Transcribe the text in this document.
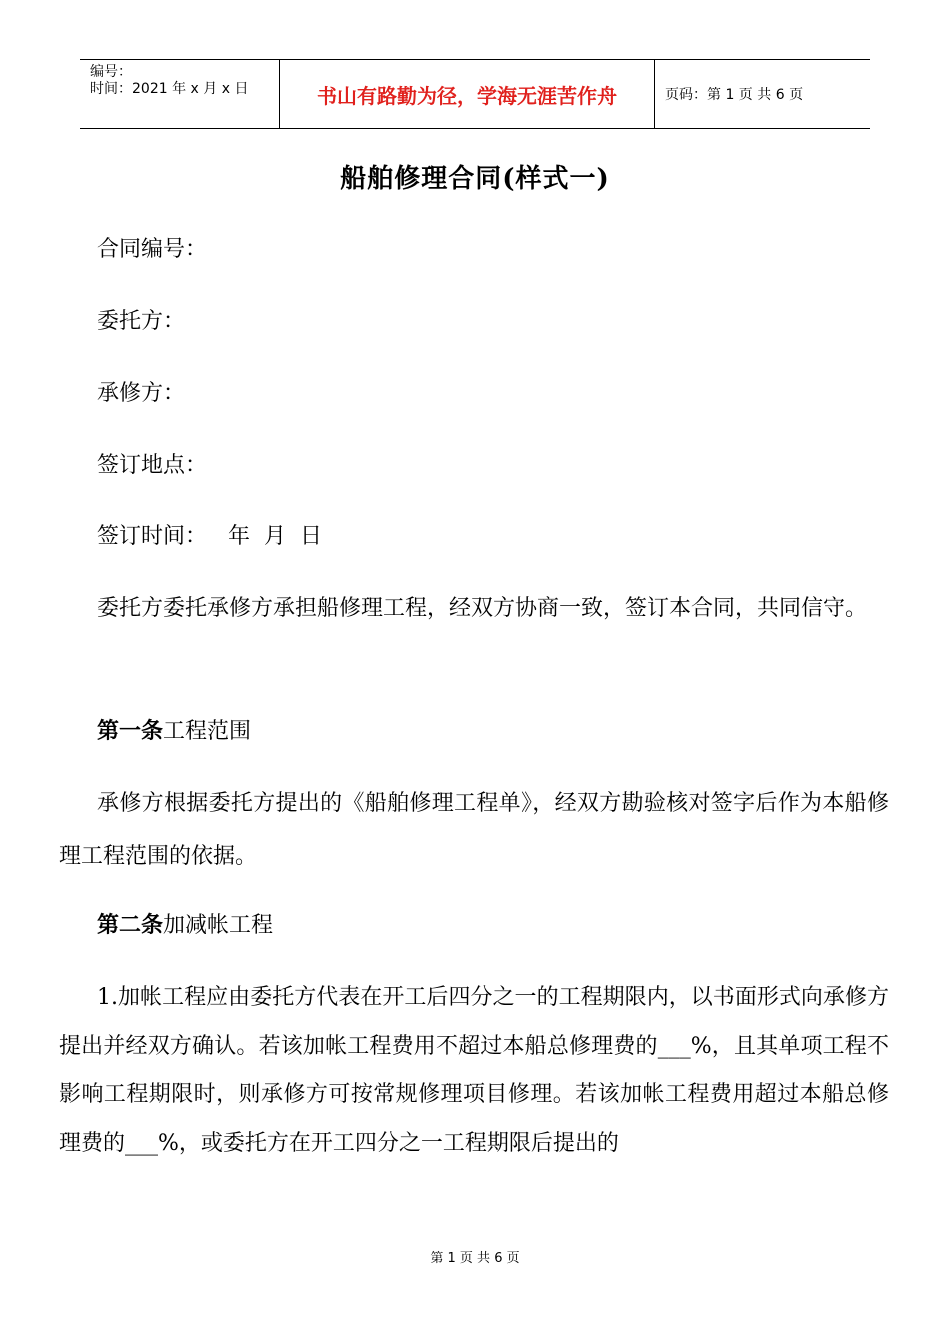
编号：
时间：2021 年 x 月 x 日	书山有路勤为径，学海无涯苦作舟	页码：第 1 页 共 6 页
船舶修理合同(样式一)
合同编号：
委托方：
承修方：
签订地点：
签订时间：   年  月  日
委托方委托承修方承担船修理工程，经双方协商一致，签订本合同，共同信守。
第一条工程范围
承修方根据委托方提出的《船舶修理工程单》，经双方勘验核对签字后作为本船修理工程范围的依据。
第二条加减帐工程
1.加帐工程应由委托方代表在开工后四分之一的工程期限内，以书面形式向承修方提出并经双方确认。若该加帐工程费用不超过本船总修理费的___%，且其单项工程不影响工程期限时，则承修方可按常规修理项目修理。若该加帐工程费用超过本船总修理费的___%，或委托方在开工四分之一工程期限后提出的
第 1 页 共 6 页
